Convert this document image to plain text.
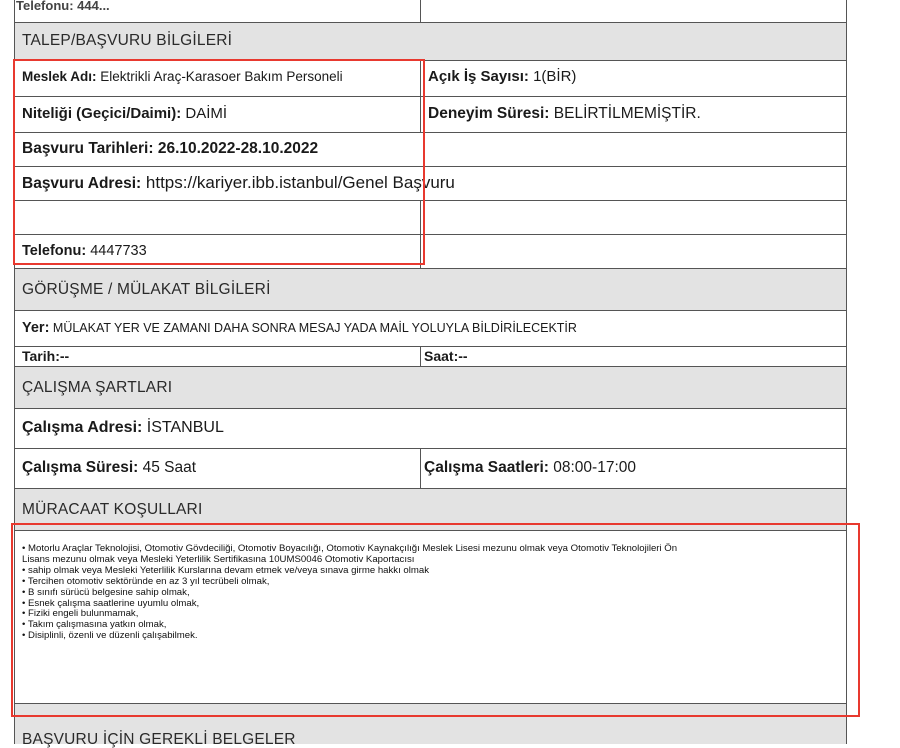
Telefonu: 444...
TALEP/BAŞVURU BİLGİLERİ
Meslek Adı: Elektrikli Araç-Karasoer Bakım Personeli	Açık İş Sayısı: 1(BİR)
Niteliği (Geçici/Daimi): DAİMİ	Deneyim Süresi: BELİRTİLMEMİŞTİR.
Başvuru Tarihleri: 26.10.2022-28.10.2022
Başvuru Adresi: https://kariyer.ibb.istanbul/Genel Başvuru
Telefonu: 4447733
GÖRÜŞME / MÜLAKAT BİLGİLERİ
Yer: MÜLAKAT YER VE ZAMANI DAHA SONRA MESAJ YADA MAİL YOLUYLA BİLDİRİLECEKTİR
Tarih:--	Saat:--
ÇALIŞMA ŞARTLARI
Çalışma Adresi: İSTANBUL
Çalışma Süresi: 45 Saat	Çalışma Saatleri: 08:00-17:00
MÜRACAAT KOŞULLARI
• Motorlu Araçlar Teknolojisi, Otomotiv Gövdeciliği, Otomotiv Boyacılığı, Otomotiv Kaynakçılığı Meslek Lisesi mezunu olmak veya Otomotiv Teknolojileri Ön
Lisans mezunu olmak veya Mesleki Yeterlilik Sertifikasına 10UMS0046 Otomotiv Kaportacısı
• sahip olmak veya Mesleki Yeterlilik Kurslarına devam etmek ve/veya sınava girme hakkı olmak
• Tercihen otomotiv sektöründe en az 3 yıl tecrübeli olmak,
• B sınıfı sürücü belgesine sahip olmak,
• Esnek çalışma saatlerine uyumlu olmak,
• Fiziki engeli bulunmamak,
• Takım çalışmasına yatkın olmak,
• Disiplinli, özenli ve düzenli çalışabilmek.
BAŞVURU İÇİN GEREKLİ BELGELER
